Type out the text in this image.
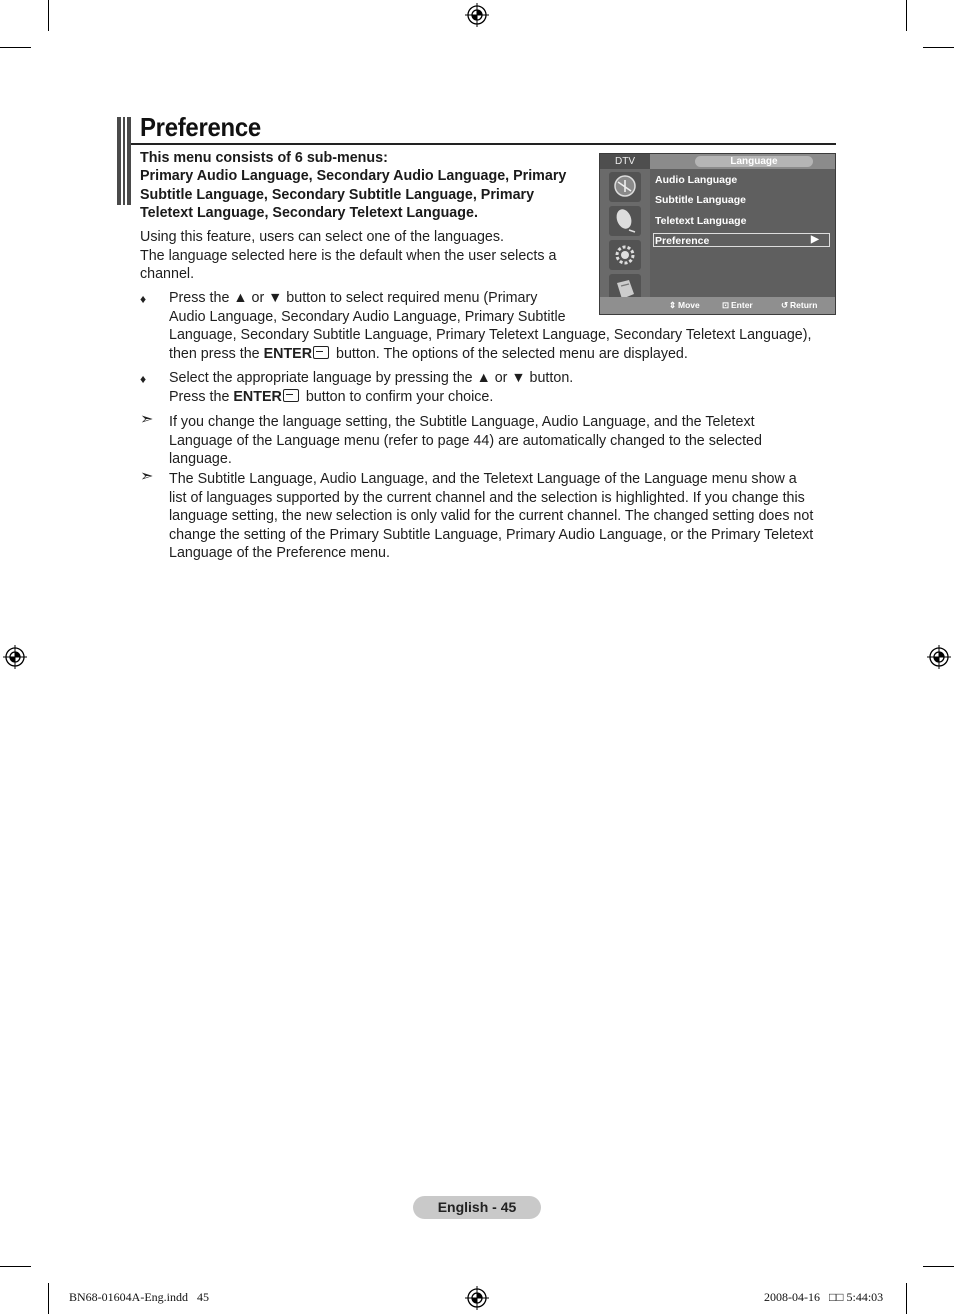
Preference
This menu consists of 6 sub-menus:
Primary Audio Language, Secondary Audio Language, Primary
Subtitle Language, Secondary Subtitle Language, Primary
Teletext Language, Secondary Teletext Language.
Using this feature, users can select one of the languages.
The language selected here is the default when the user selects a
channel.
♦ Press the ▲ or ▼ button to select required menu (Primary
Audio Language, Secondary Audio Language, Primary Subtitle
Language, Secondary Subtitle Language, Primary Teletext Language, Secondary Teletext Language),
then press the ENTER button. The options of the selected menu are displayed.
♦ Select the appropriate language by pressing the ▲ or ▼ button.
Press the ENTER button to confirm your choice.
➣ If you change the language setting, the Subtitle Language, Audio Language, and the Teletext
Language of the Language menu (refer to page 44) are automatically changed to the selected
language.
➣ The Subtitle Language, Audio Language, and the Teletext Language of the Language menu show a
list of languages supported by the current channel and the selection is highlighted. If you change this
language setting, the new selection is only valid for the current channel. The changed setting does not
change the setting of the Primary Subtitle Language, Primary Audio Language, or the Primary Teletext
Language of the Preference menu.
DTV	Language
Audio Language
Subtitle Language
Teletext Language
Preference	▶
⇕ Move	⊡ Enter	↺ Return
English - 45
BN68-01604A-Eng.indd   45	2008-04-16   □□ 5:44:03
